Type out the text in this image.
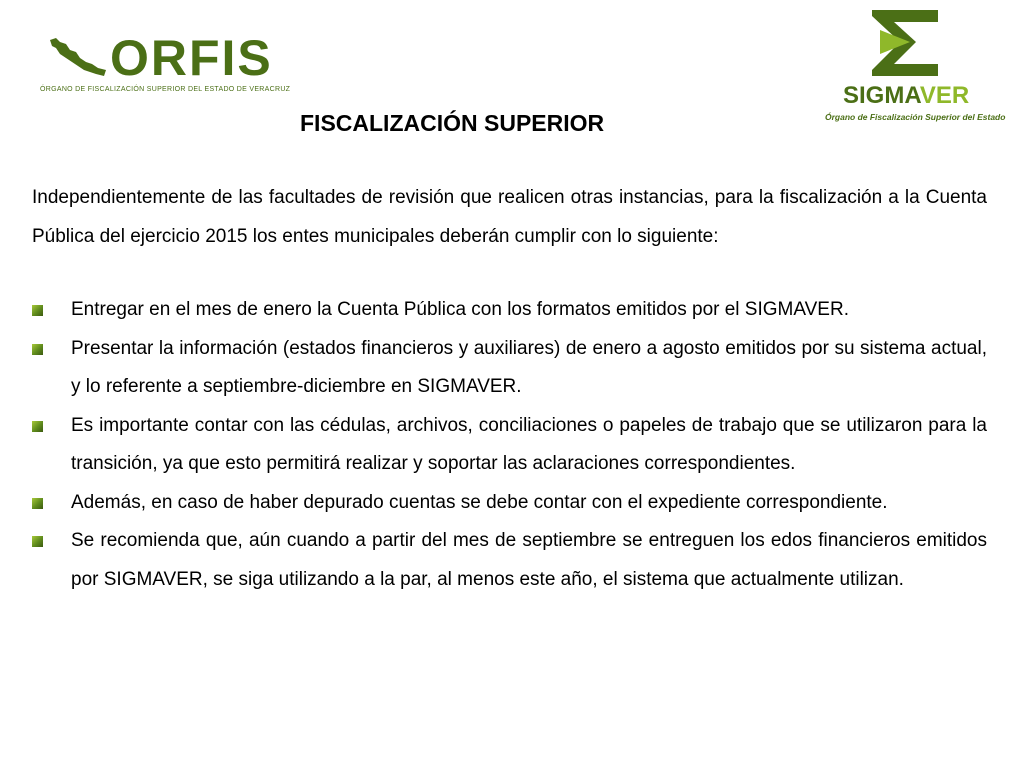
ORFIS
ÓRGANO DE FISCALIZACIÓN SUPERIOR DEL ESTADO DE VERACRUZ	SIGMAVER
Órgano de Fiscalización Superior del Estado
FISCALIZACIÓN SUPERIOR

Independientemente de las facultades de revisión que realicen otras instancias, para la fiscalización a la Cuenta Pública del ejercicio 2015 los entes municipales deberán cumplir con lo siguiente:

Entregar en el mes de enero la Cuenta Pública con los formatos emitidos por el SIGMAVER.
Presentar la información (estados financieros y auxiliares) de enero a agosto emitidos por su sistema actual, y lo referente a septiembre-diciembre en SIGMAVER.
Es importante contar con las cédulas, archivos, conciliaciones o papeles de trabajo que se utilizaron para la transición, ya que esto permitirá realizar y soportar las aclaraciones correspondientes.
Además, en caso de haber depurado cuentas se debe contar con el expediente correspondiente.
Se recomienda que, aún cuando a partir del mes de septiembre se entreguen los edos financieros emitidos por SIGMAVER, se siga utilizando a la par, al menos este año, el sistema que actualmente utilizan.
